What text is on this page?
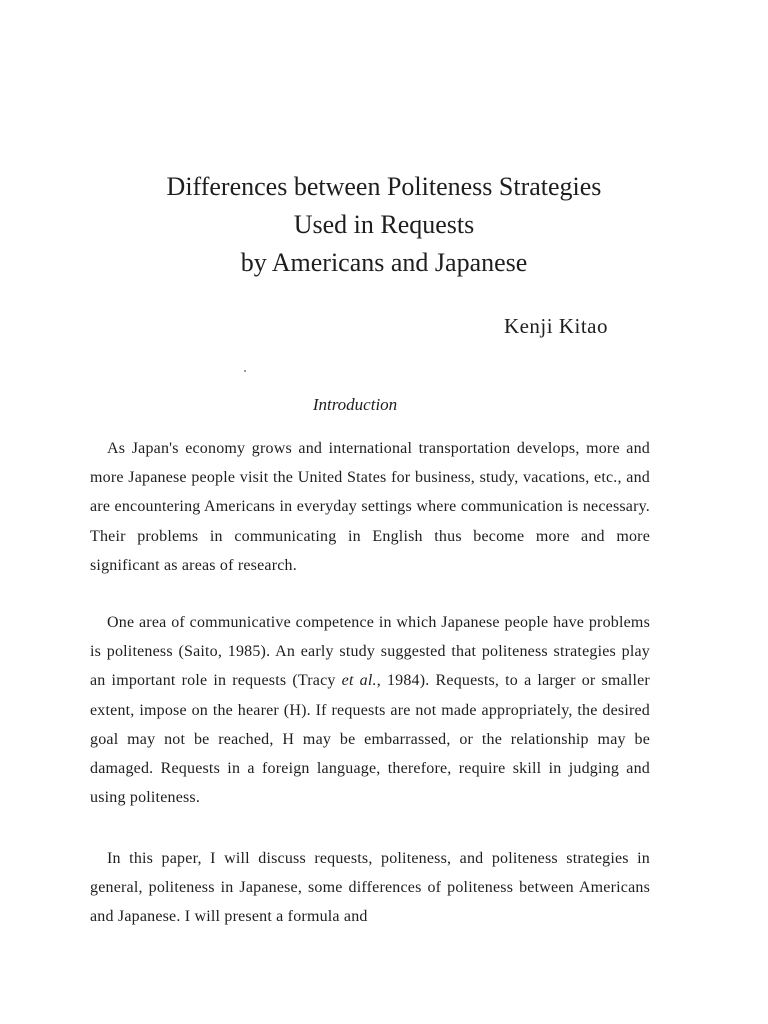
Differences between Politeness Strategies
Used in Requests
by Americans and Japanese

Kenji Kitao

Introduction

As Japan's economy grows and international transportation develops, more and more Japanese people visit the United States for business, study, vacations, etc., and are encountering Americans in everyday settings where communication is necessary. Their problems in communicating in English thus become more and more significant as areas of research.

One area of communicative competence in which Japanese people have problems is politeness (Saito, 1985). An early study suggested that politeness strategies play an important role in requests (Tracy et al., 1984). Requests, to a larger or smaller extent, impose on the hearer (H). If requests are not made appropriately, the desired goal may not be reached, H may be embarrassed, or the relationship may be damaged. Requests in a foreign language, therefore, require skill in judging and using politeness.

In this paper, I will discuss requests, politeness, and politeness strategies in general, politeness in Japanese, some differences of politeness between Americans and Japanese. I will present a formula and
